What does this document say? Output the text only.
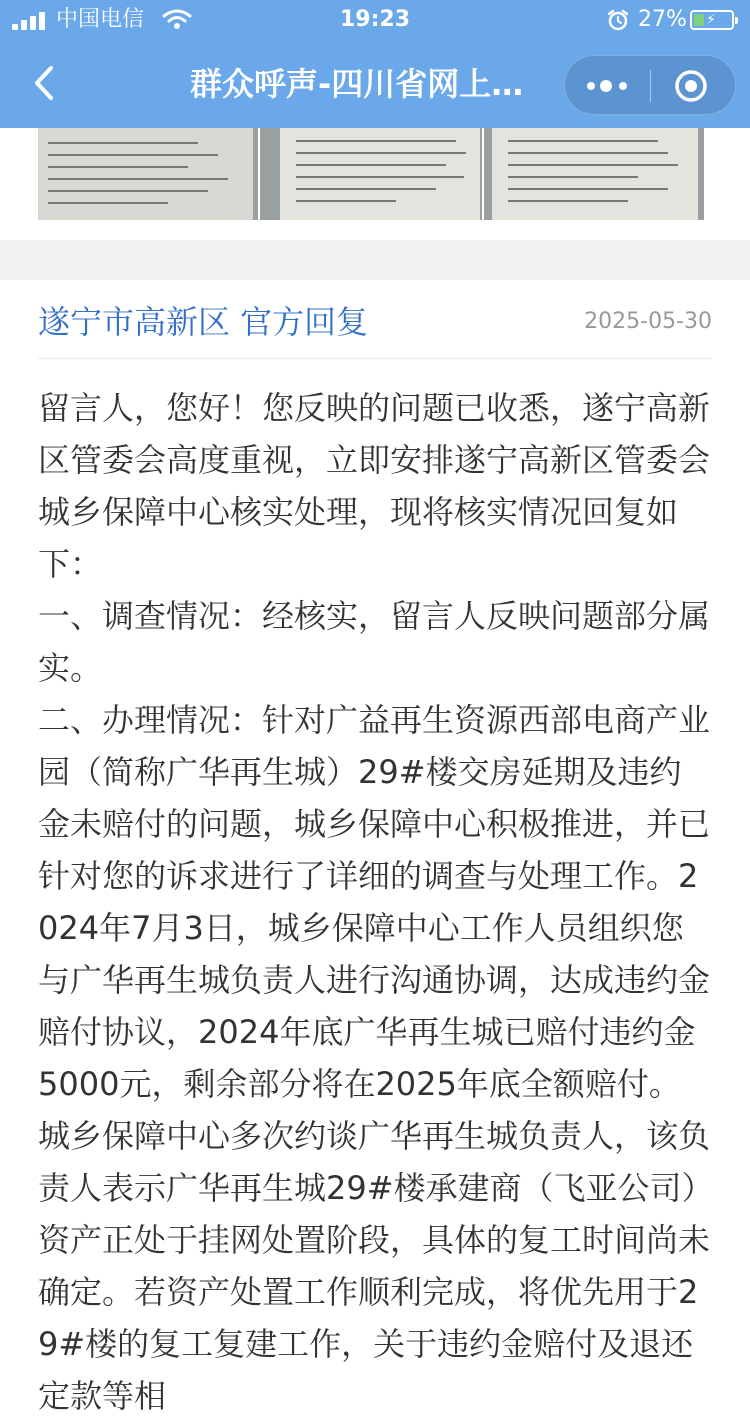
中国电信	19:23	27% ⚡
群众呼声-四川省网上…
遂宁市高新区 官方回复	2025-05-30

留言人，您好！您反映的问题已收悉，遂宁高新区管委会高度重视，立即安排遂宁高新区管委会城乡保障中心核实处理，现将核实情况回复如下：

一、调查情况：经核实，留言人反映问题部分属实。

二、办理情况：针对广益再生资源西部电商产业园（简称广华再生城）29#楼交房延期及违约金未赔付的问题，城乡保障中心积极推进，并已针对您的诉求进行了详细的调查与处理工作。2024年7月3日，城乡保障中心工作人员组织您与广华再生城负责人进行沟通协调，达成违约金赔付协议，2024年底广华再生城已赔付违约金5000元，剩余部分将在2025年底全额赔付。城乡保障中心多次约谈广华再生城负责人，该负责人表示广华再生城29#楼承建商（飞亚公司）资产正处于挂网处置阶段，具体的复工时间尚未确定。若资产处置工作顺利完成，将优先用于29#楼的复工复建工作，关于违约金赔付及退还定款等相
